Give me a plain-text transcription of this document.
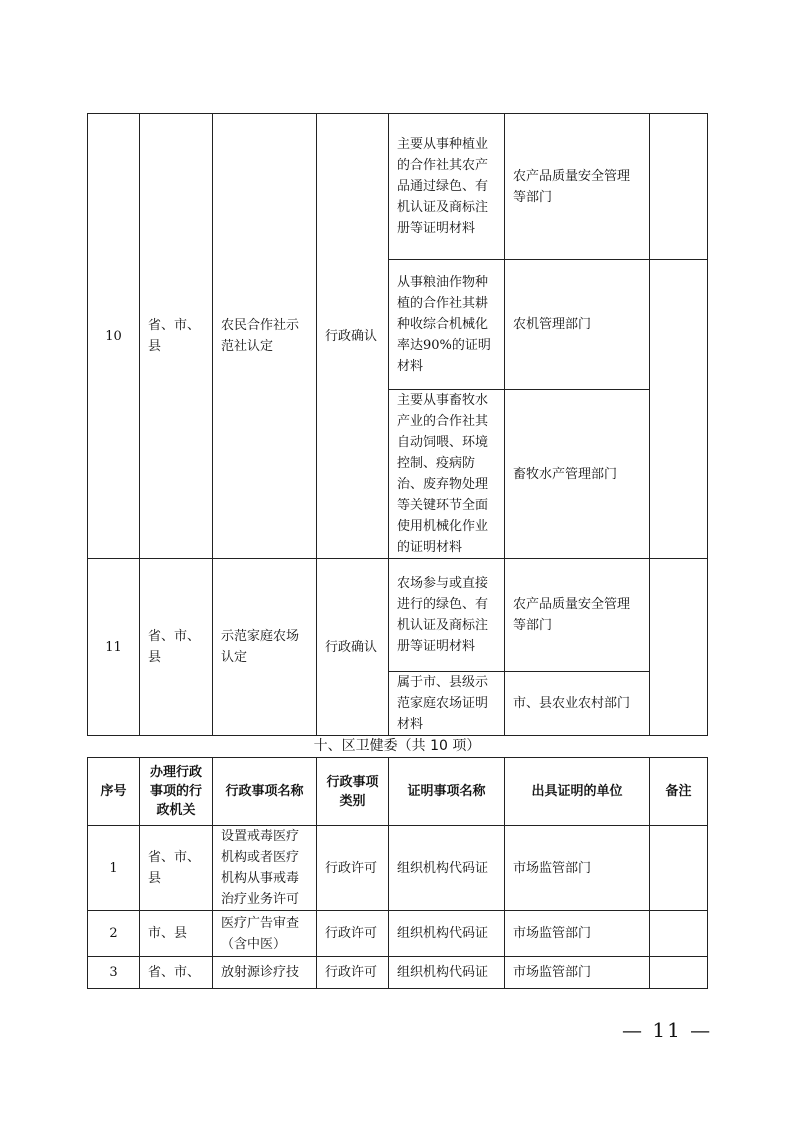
10	省、市、县	农民合作社示范社认定	行政确认	主要从事种植业的合作社其农产品通过绿色、有机认证及商标注册等证明材料	农产品质量安全管理等部门	
				从事粮油作物种植的合作社其耕种收综合机械化率达90%的证明材料	农机管理部门	
				主要从事畜牧水产业的合作社其自动饲喂、环境控制、疫病防治、废弃物处理等关键环节全面使用机械化作业的证明材料	畜牧水产管理部门	
11	省、市、县	示范家庭农场认定	行政确认	农场参与或直接进行的绿色、有机认证及商标注册等证明材料	农产品质量安全管理等部门	
				属于市、县级示范家庭农场证明材料	市、县农业农村部门	
十、区卫健委（共 10 项）
序号	办理行政事项的行政机关	行政事项名称	行政事项类别	证明事项名称	出具证明的单位	备注
1	省、市、县	设置戒毒医疗机构或者医疗机构从事戒毒治疗业务许可	行政许可	组织机构代码证	市场监管部门	
2	市、县	医疗广告审查（含中医）	行政许可	组织机构代码证	市场监管部门	
3	省、市、	放射源诊疗技	行政许可	组织机构代码证	市场监管部门	
— 11 —
